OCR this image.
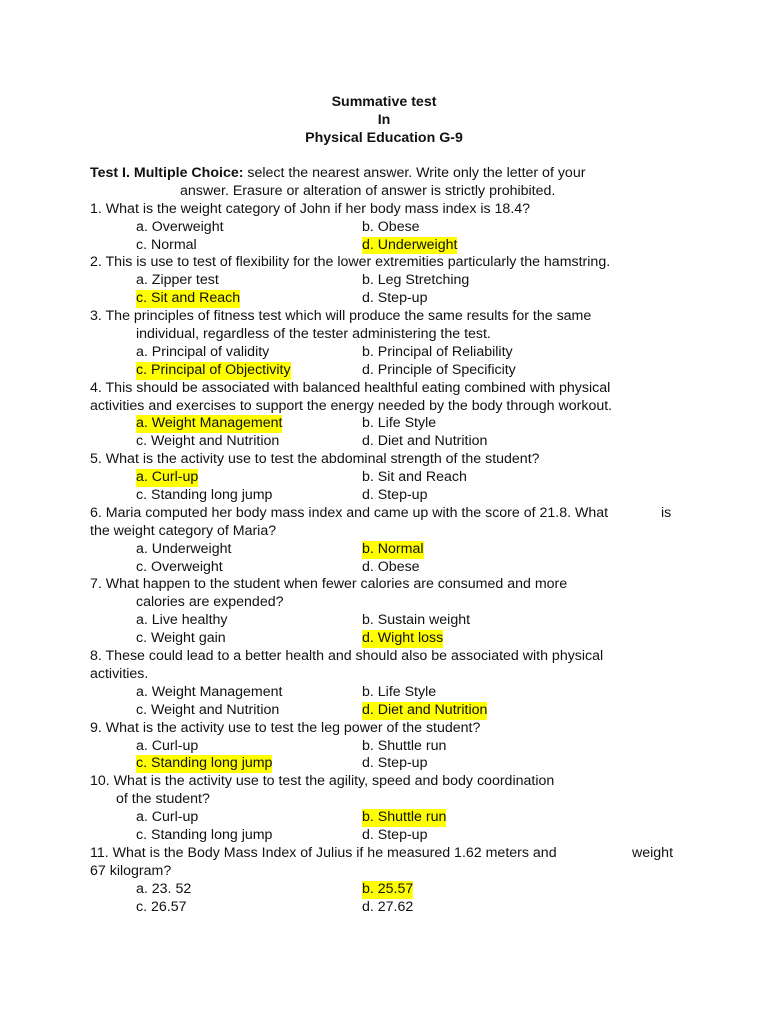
Summative test
In
Physical Education G-9
Test I. Multiple Choice: select the nearest answer. Write only the letter of your
answer. Erasure or alteration of answer is strictly prohibited.
1. What is the weight category of John if her body mass index is 18.4?
a. Overweight	b. Obese
c. Normal	d. Underweight
2. This is use to test of flexibility for the lower extremities particularly the hamstring.
a. Zipper test	b. Leg Stretching
c. Sit and Reach	d. Step-up
3. The principles of fitness test which will produce the same results for the same
individual, regardless of the tester administering the test.
a. Principal of validity	b. Principal of Reliability
c. Principal of Objectivity	d. Principle of Specificity
4. This should be associated with balanced healthful eating combined with physical
activities and exercises to support the energy needed by the body through workout.
a. Weight Management	b. Life Style
c. Weight and Nutrition	d. Diet and Nutrition
5. What is the activity use to test the abdominal strength of the student?
a. Curl-up	b. Sit and Reach
c. Standing long jump	d. Step-up
6. Maria computed her body mass index and came up with the score of 21.8. What	is
the weight category of Maria?
a. Underweight	b. Normal
c. Overweight	d. Obese
7. What happen to the student when fewer calories are consumed and more
calories are expended?
a. Live healthy	b. Sustain weight
c. Weight gain	d. Wight loss
8. These could lead to a better health and should also be associated with physical
activities.
a. Weight Management	b. Life Style
c. Weight and Nutrition	d. Diet and Nutrition
9. What is the activity use to test the leg power of the student?
a. Curl-up	b. Shuttle run
c. Standing long jump	d. Step-up
10. What is the activity use to test the agility, speed and body coordination
of the student?
a. Curl-up	b. Shuttle run
c. Standing long jump	d. Step-up
11. What is the Body Mass Index of Julius if he measured 1.62 meters and	weight
67 kilogram?
a. 23. 52	b. 25.57
c. 26.57	d. 27.62
